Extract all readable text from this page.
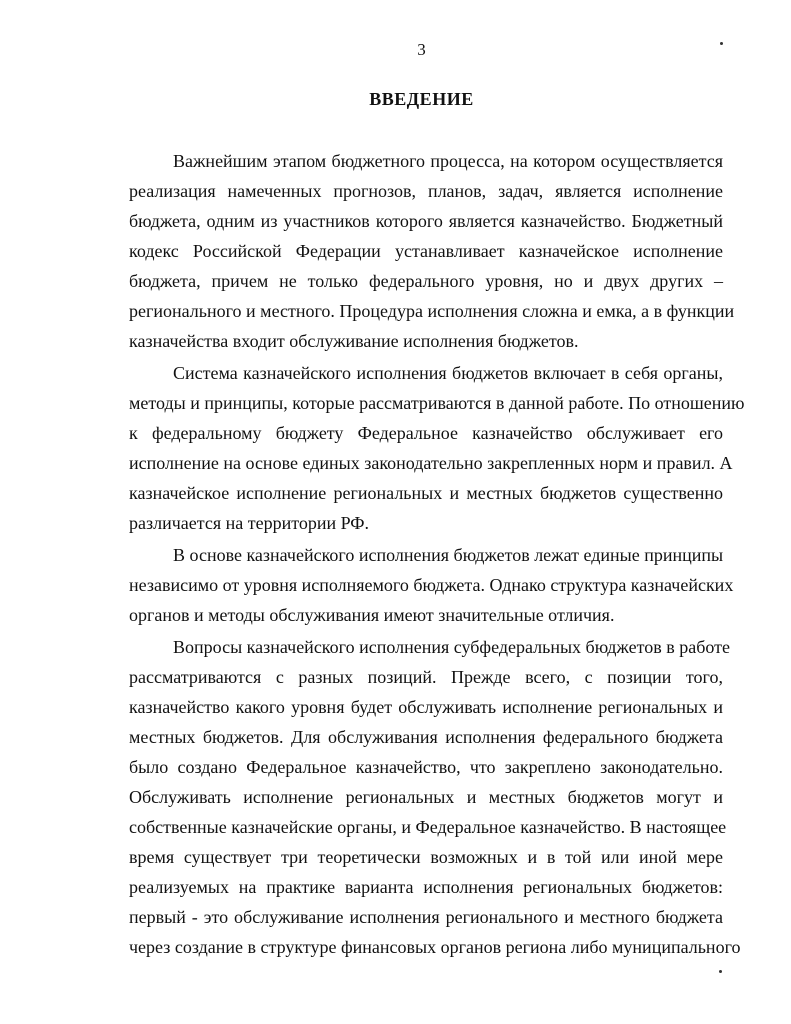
3
ВВЕДЕНИЕ
Важнейшим этапом бюджетного процесса, на котором осуществляется
реализация намеченных прогнозов, планов, задач, является исполнение
бюджета, одним из участников которого является казначейство. Бюджетный
кодекс Российской Федерации устанавливает казначейское исполнение
бюджета, причем не только федерального уровня, но и двух других –
регионального и местного. Процедура исполнения сложна и емка, а в функции
казначейства входит обслуживание исполнения бюджетов.
Система казначейского исполнения бюджетов включает в себя органы,
методы и принципы, которые рассматриваются в данной работе. По отношению
к федеральному бюджету Федеральное казначейство обслуживает его
исполнение на основе единых законодательно закрепленных норм и правил. А
казначейское исполнение региональных и местных бюджетов существенно
различается на территории РФ.
В основе казначейского исполнения бюджетов лежат единые принципы
независимо от уровня исполняемого бюджета. Однако структура казначейских
органов и методы обслуживания имеют значительные отличия.
Вопросы казначейского исполнения субфедеральных бюджетов в работе
рассматриваются с разных позиций. Прежде всего, с позиции того,
казначейство какого уровня будет обслуживать исполнение региональных и
местных бюджетов. Для обслуживания исполнения федерального бюджета
было создано Федеральное казначейство, что закреплено законодательно.
Обслуживать исполнение региональных и местных бюджетов могут и
собственные казначейские органы, и Федеральное казначейство. В настоящее
время существует три теоретически возможных и в той или иной мере
реализуемых на практике варианта исполнения региональных бюджетов:
первый - это обслуживание исполнения регионального и местного бюджета
через создание в структуре финансовых органов региона либо муниципального
